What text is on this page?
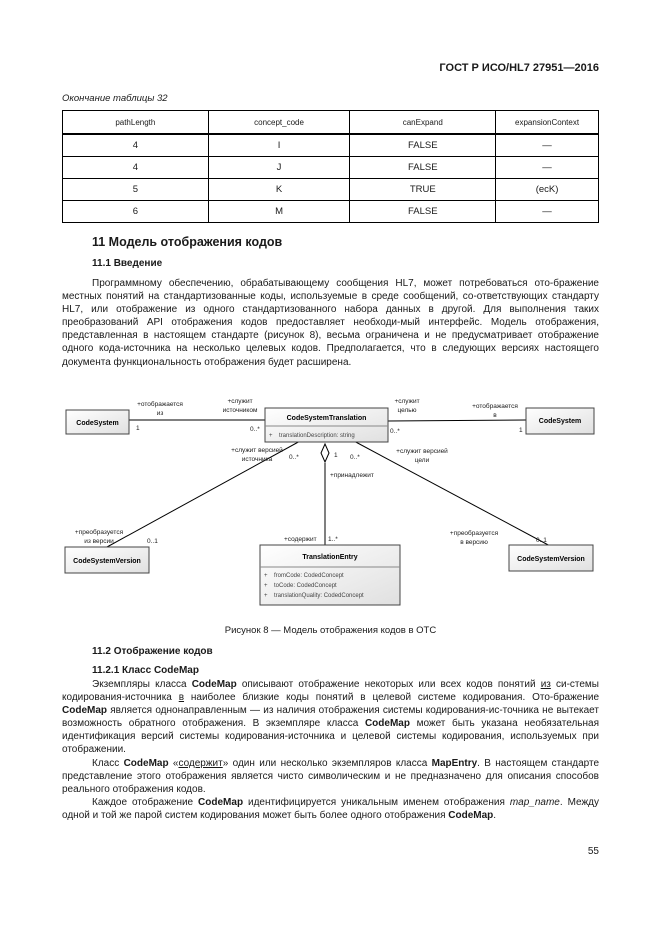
ГОСТ Р ИСО/HL7 27951—2016
Окончание таблицы 32
pathLength	concept_code	canExpand	expansionContext
4	I	FALSE	—
4	J	FALSE	—
5	K	TRUE	(ecK)
6	M	FALSE	—
11 Модель отображения кодов
11.1 Введение

Программному обеспечению, обрабатывающему сообщения HL7, может потребоваться ото-бражение местных понятий на стандартизованные коды, используемые в среде сообщений, со-ответствующих стандарту HL7, или отображение из одного стандартизованного набора данных в другой. Для выполнения таких преобразований API отображения кодов предоставляет необходи-мый интерфейс. Модель отображения, представленная в настоящем стандарте (рисунок 8), весьма ограничена и не предусматривает отображение одного кода-источника на несколько целевых кодов. Предполагается, что в следующих версиях настоящего документа функциональность отображения будет расширена.

CodeSystem
CodeSystemTranslation
+ translationDescription: string
CodeSystem
CodeSystemVersion
TranslationEntry
+ fromCode: CodedConcept
+ toCode: CodedConcept
+ translationQuality: CodedConcept
CodeSystemVersion
+отображается
из
+служит
источником
+служит
целью
+отображается
в
+служит версией
источника
+служит версией
цели
+принадлежит
+преобразуется
из версии	+содержит
+преобразуется
в версию
1	0..*	0..*	1
0..*	1 0..*
0..1	1..*	0..1
Рисунок 8 — Модель отображения кодов в ОТС
11.2 Отображение кодов
11.2.1 Класс CodeMap

Экземпляры класса CodeMap описывают отображение некоторых или всех кодов понятий из си-стемы кодирования-источника в наиболее близкие коды понятий в целевой системе кодирования. Ото-бражение CodeMap является однонаправленным — из наличия отображения системы кодирования-ис-точника не вытекает возможность обратного отображения. В экземпляре класса CodeMap может быть указана необязательная идентификация версий системы кодирования-источника и целевой системы кодирования, используемых при отображении.

Класс CodeMap «содержит» один или несколько экземпляров класса MapEntry. В настоящем стандарте представление этого отображения является чисто символическим и не предназначено для описания способов реального отображения кодов.

Каждое отображение CodeMap идентифицируется уникальным именем отображения map_name. Между одной и той же парой систем кодирования может быть более одного отображения CodeMap.

55
